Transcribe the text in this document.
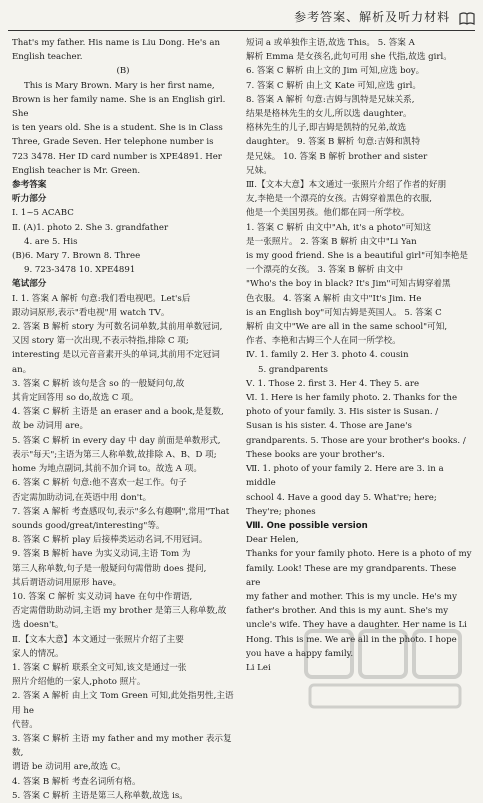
参考答案、解析及听力材料

That's my father. His name is Liu Dong. He's an

English teacher.

(B)

This is Mary Brown. Mary is her first name,

Brown is her family name. She is an English girl. She

is ten years old. She is a student. She is in Class

Three, Grade Seven. Her telephone number is

723 3478. Her ID card number is XPE4891. Her

English teacher is Mr. Green.

参考答案

听力部分

Ⅰ. 1~5 ACABC

Ⅱ. (A)1. photo 2. She 3. grandfather

4. are 5. His

(B)6. Mary 7. Brown 8. Three

9. 723-3478 10. XPE4891

笔试部分

Ⅰ. 1. 答案 A 解析 句意:我们看电视吧。Let's后

跟动词原形,表示"看电视"用 watch TV。

2. 答案 B 解析 story 为可数名词单数,其前用单数冠词,

又因 story 第一次出现,不表示特指,排除 C 项;

interesting 是以元音音素开头的单词,其前用不定冠词 an。

3. 答案 C 解析 该句是含 so 的一般疑问句,故

其肯定回答用 so do,故选 C 项。

4. 答案 C 解析 主语是 an eraser and a book,是复数,

故 be 动词用 are。

5. 答案 C 解析 in every day 中 day 前面是单数形式,

表示"每天";主语为第三人称单数,故排除 A、B、D 项;

home 为地点副词,其前不加介词 to。故选 A 项。

6. 答案 C 解析 句意:他不喜欢一起工作。句子

否定需加助动词,在英语中用 don't。

7. 答案 A 解析 考查感叹句,表示"多么有趣啊",常用"That

sounds good/great/interesting"等。

8. 答案 C 解析 play 后接棒类运动名词,不用冠词。

9. 答案 B 解析 have 为实义动词,主语 Tom 为

第三人称单数,句子是一般疑问句需借助 does 提问,

其后谓语动词用原形 have。

10. 答案 C 解析 实义动词 have 在句中作谓语,

否定需借助助动词,主语 my brother 是第三人称单数,故选 doesn't。

Ⅱ.【文本大意】本文通过一张照片介绍了主要

家人的情况。

1. 答案 C 解析 联系全文可知,该文是通过一张

照片介绍他的一家人,photo 照片。

2. 答案 A 解析 由上文 Tom Green 可知,此处指男性,主语用 he

代替。

3. 答案 C 解析 主语 my father and my mother 表示复数,

谓语 be 动词用 are,故选 C。

4. 答案 B 解析 考查名词所有格。

5. 答案 C 解析 主语是第三人称单数,故选 is。

短词 a 或单独作主语,故选 This。 5. 答案 A

解析 Emma 是女孩名,此句可用 she 代指,故选 girl。

6. 答案 C 解析 由上文的 Jim 可知,应选 boy。

7. 答案 C 解析 由上文 Kate 可知,应选 girl。

8. 答案 A 解析 句意:吉姆与凯特是兄妹关系,

结果是格林先生的女儿,所以选 daughter。

格林先生的儿子,即吉姆是凯特的兄弟,故选

daughter。 9. 答案 B 解析 句意:吉姆和凯特

是兄妹。 10. 答案 B 解析 brother and sister

兄妹。

Ⅲ.【文本大意】本文通过一张照片介绍了作者的好朋

友,李艳是一个漂亮的女孩。古姆穿着黑色的衣服,

他是一个美国男孩。他们都在同一所学校。

1. 答案 C 解析 由文中"Ah, it's a photo"可知这

是一张照片。 2. 答案 B 解析 由文中"Li Yan

is my good friend. She is a beautiful girl"可知李艳是

一个漂亮的女孩。 3. 答案 B 解析 由文中

"Who's the boy in black? It's Jim"可知古姆穿着黑

色衣服。 4. 答案 A 解析 由文中"It's Jim. He

is an English boy"可知古姆是英国人。 5. 答案 C

解析 由文中"We are all in the same school"可知,

作者、李艳和古姆三个人在同一所学校。

Ⅳ. 1. family 2. Her 3. photo 4. cousin

5. grandparents

Ⅴ. 1. Those 2. first 3. Her 4. They 5. are

Ⅵ. 1. Here is her family photo. 2. Thanks for the

photo of your family. 3. His sister is Susan. /

Susan is his sister. 4. Those are Jane's

grandparents. 5. Those are your brother's books. /

These books are your brother's.

Ⅶ. 1. photo of your family 2. Here are 3. in a middle

school 4. Have a good day 5. What're; here;

They're; phones

Ⅷ. One possible version

Dear Helen,

Thanks for your family photo. Here is a photo of my

family. Look! These are my grandparents. These are

my father and mother. This is my uncle. He's my

father's brother. And this is my aunt. She's my

uncle's wife. They have a daughter. Her name is Li

Hong. This is me. We are all in the photo. I hope

you have a happy family.

Li Lei
